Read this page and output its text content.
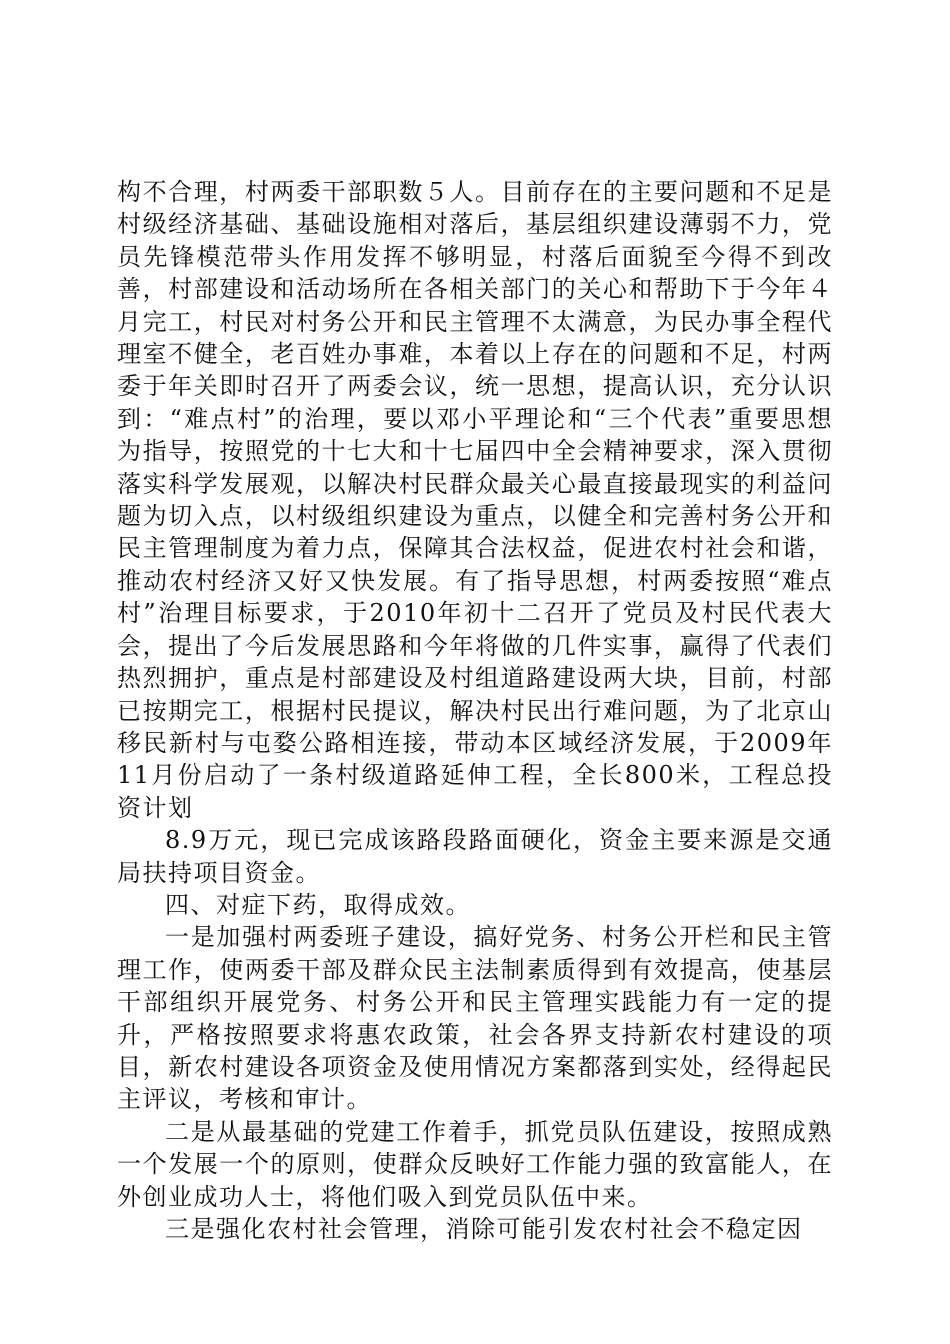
构不合理，村两委干部职数５人。目前存在的主要问题和不足是村级经济基础、基础设施相对落后，基层组织建设薄弱不力，党员先锋模范带头作用发挥不够明显，村落后面貌至今得不到改善，村部建设和活动场所在各相关部门的关心和帮助下于今年４月完工，村民对村务公开和民主管理不太满意，为民办事全程代理室不健全，老百姓办事难，本着以上存在的问题和不足，村两委于年关即时召开了两委会议，统一思想，提高认识，充分认识到：“难点村”的治理，要以邓小平理论和“三个代表”重要思想为指导，按照党的十七大和十七届四中全会精神要求，深入贯彻落实科学发展观，以解决村民群众最关心最直接最现实的利益问题为切入点，以村级组织建设为重点，以健全和完善村务公开和民主管理制度为着力点，保障其合法权益，促进农村社会和谐，推动农村经济又好又快发展。有了指导思想，村两委按照“难点村”治理目标要求，于2010年初十二召开了党员及村民代表大会，提出了今后发展思路和今年将做的几件实事，赢得了代表们热烈拥护，重点是村部建设及村组道路建设两大块，目前，村部已按期完工，根据村民提议，解决村民出行难问题，为了北京山移民新村与屯婺公路相连接，带动本区域经济发展，于2009年11月份启动了一条村级道路延伸工程，全长800米，工程总投资计划

8.9万元，现已完成该路段路面硬化，资金主要来源是交通局扶持项目资金。

四、对症下药，取得成效。

一是加强村两委班子建设，搞好党务、村务公开栏和民主管理工作，使两委干部及群众民主法制素质得到有效提高，使基层干部组织开展党务、村务公开和民主管理实践能力有一定的提升，严格按照要求将惠农政策，社会各界支持新农村建设的项目，新农村建设各项资金及使用情况方案都落到实处，经得起民主评议，考核和审计。

二是从最基础的党建工作着手，抓党员队伍建设，按照成熟一个发展一个的原则，使群众反映好工作能力强的致富能人，在外创业成功人士，将他们吸入到党员队伍中来。

三是强化农村社会管理，消除可能引发农村社会不稳定因
